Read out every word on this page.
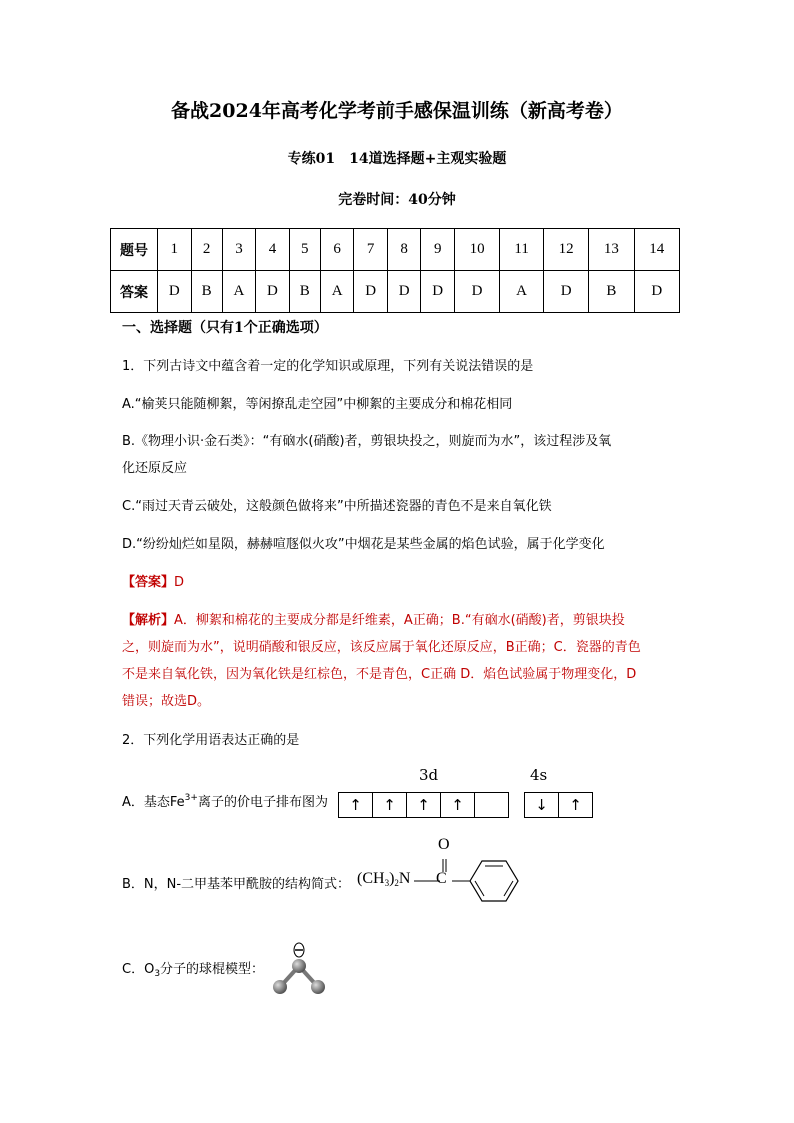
备战2024年高考化学考前手感保温训练（新高考卷）
专练01　14道选择题+主观实验题
完卷时间：40分钟
题号	1	2	3	4	5	6	7	8	9	10	11	12	13	14
答案	D	B	A	D	B	A	D	D	D	D	A	D	B	D
一、选择题（只有1个正确选项）
1．下列古诗文中蕴含着一定的化学知识或原理，下列有关说法错误的是
A.“榆荚只能随柳絮，等闲撩乱走空园”中柳絮的主要成分和棉花相同
B.《物理小识·金石类》：“有硇水(硝酸)者，剪银块投之，则旋而为水”，该过程涉及氧
化还原反应
C.“雨过天青云破处，这般颜色做将来”中所描述瓷器的青色不是来自氧化铁
D.“纷纷灿烂如星陨，赫赫喧豗似火攻”中烟花是某些金属的焰色试验，属于化学变化
【答案】D
【解析】A．柳絮和棉花的主要成分都是纤维素，A正确；B.“有硇水(硝酸)者，剪银块投
之，则旋而为水”，说明硝酸和银反应，该反应属于氧化还原反应，B正确；C．瓷器的青色
不是来自氧化铁，因为氧化铁是红棕色，不是青色，C正确 D．焰色试验属于物理变化，D
错误；故选D。
2．下列化学用语表达正确的是
A．基态$Fe^{3+}$离子的价电子排布图为
3d	4s
↑	↑	↑	↑	↓	↑
B．N，N-二甲基苯甲酰胺的结构简式： $(CH_3)_2N$ C
O
C．$O_3$分子的球棍模型：
